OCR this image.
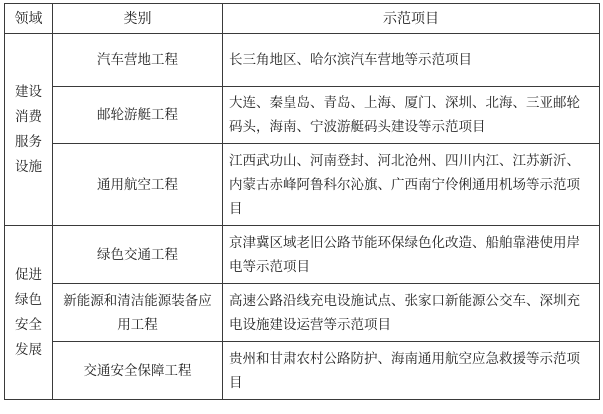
领域	类别	示范项目
建设消费服务设施	汽车营地工程	长三角地区、哈尔滨汽车营地等示范项目
	邮轮游艇工程	大连、秦皇岛、青岛、上海、厦门、深圳、北海、三亚邮轮码头，海南、宁波游艇码头建设等示范项目
	通用航空工程	江西武功山、河南登封、河北沧州、四川内江、江苏新沂、内蒙古赤峰阿鲁科尔沁旗、广西南宁伶俐通用机场等示范项目
促进绿色安全发展	绿色交通工程	京津冀区域老旧公路节能环保绿色化改造、船舶靠港使用岸电等示范项目
	新能源和清洁能源装备应用工程	高速公路沿线充电设施试点、张家口新能源公交车、深圳充电设施建设运营等示范项目
	交通安全保障工程	贵州和甘肃农村公路防护、海南通用航空应急救援等示范项目
